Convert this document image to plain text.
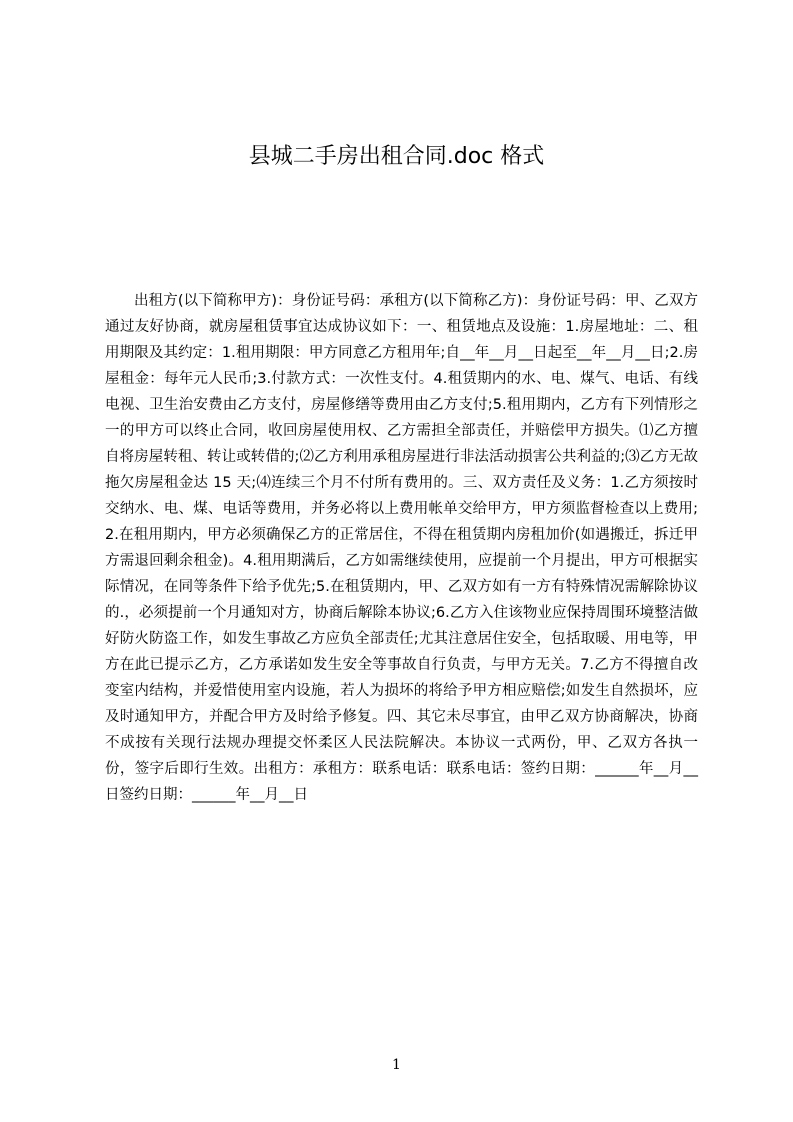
县城二手房出租合同.doc 格式

出租方(以下简称甲方)：身份证号码：承租方(以下简称乙方)：身份证号码：甲、乙双方通过友好协商，就房屋租赁事宜达成协议如下：一、租赁地点及设施：1.房屋地址：二、租用期限及其约定：1.租用期限：甲方同意乙方租用年;自__年__月__日起至__年__月__日;2.房屋租金：每年元人民币;3.付款方式：一次性支付。4.租赁期内的水、电、煤气、电话、有线电视、卫生治安费由乙方支付，房屋修缮等费用由乙方支付;5.租用期内，乙方有下列情形之一的甲方可以终止合同，收回房屋使用权、乙方需担全部责任，并赔偿甲方损失。⑴乙方擅自将房屋转租、转让或转借的;⑵乙方利用承租房屋进行非法活动损害公共利益的;⑶乙方无故拖欠房屋租金达 15 天;⑷连续三个月不付所有费用的。三、双方责任及义务：1.乙方须按时交纳水、电、煤、电话等费用，并务必将以上费用帐单交给甲方，甲方须监督检查以上费用;2.在租用期内，甲方必须确保乙方的正常居住，不得在租赁期内房租加价(如遇搬迁，拆迁甲方需退回剩余租金)。4.租用期满后，乙方如需继续使用，应提前一个月提出，甲方可根据实际情况，在同等条件下给予优先;5.在租赁期内，甲、乙双方如有一方有特殊情况需解除协议的.，必须提前一个月通知对方，协商后解除本协议;6.乙方入住该物业应保持周围环境整洁做好防火防盗工作，如发生事故乙方应负全部责任;尤其注意居住安全，包括取暖、用电等，甲方在此已提示乙方，乙方承诺如发生安全等事故自行负责，与甲方无关。7.乙方不得擅自改变室内结构，并爱惜使用室内设施，若人为损坏的将给予甲方相应赔偿;如发生自然损坏，应及时通知甲方，并配合甲方及时给予修复。四、其它未尽事宜，由甲乙双方协商解决，协商不成按有关现行法规办理提交怀柔区人民法院解决。本协议一式两份，甲、乙双方各执一份，签字后即行生效。出租方：承租方：联系电话：联系电话：签约日期：______年__月__日签约日期：______年__月__日

1
